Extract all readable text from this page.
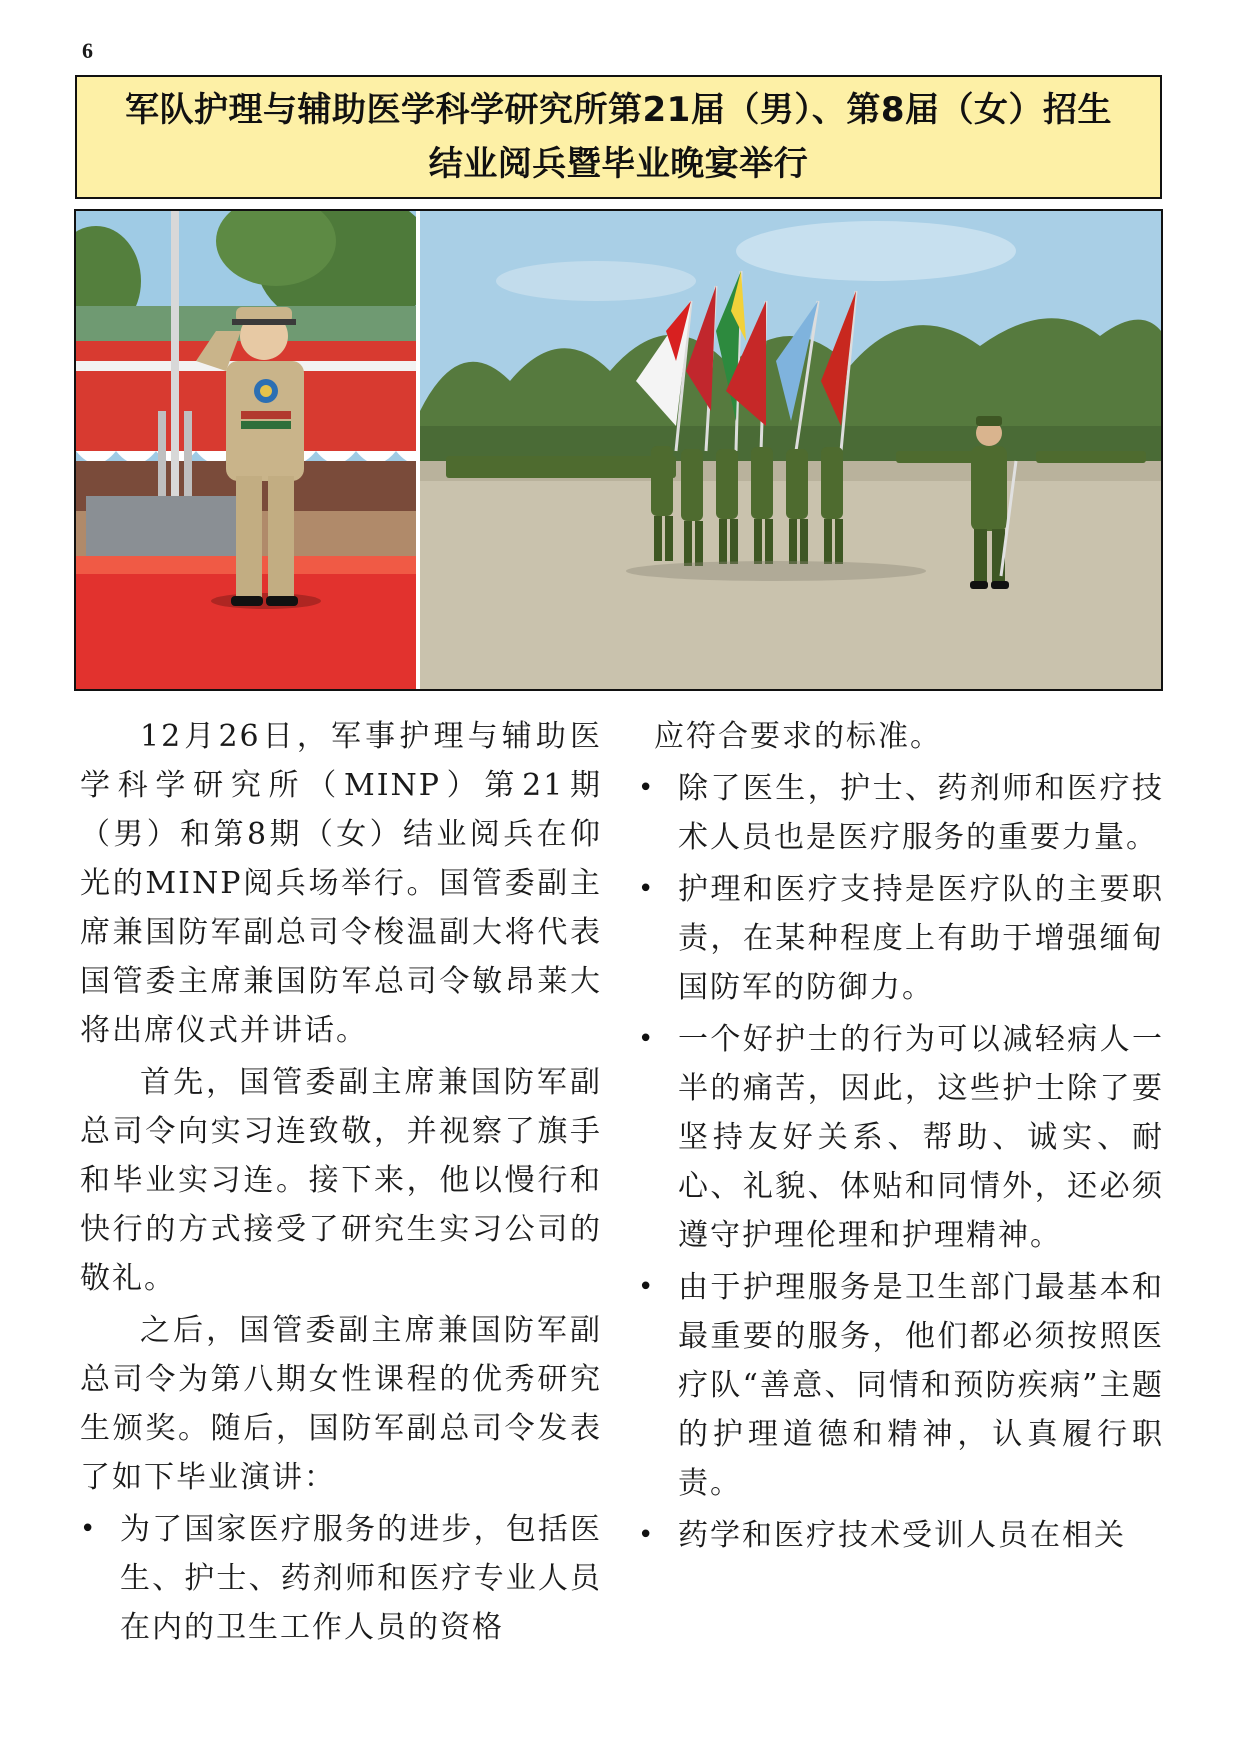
6
军队护理与辅助医学科学研究所第21届（男）、第8届（女）招生
结业阅兵暨毕业晚宴举行

12月26日，军事护理与辅助医学科学研究所（MINP）第21期（男）和第8期（女）结业阅兵在仰光的MINP阅兵场举行。国管委副主席兼国防军副总司令梭温副大将代表国管委主席兼国防军总司令敏昂莱大将出席仪式并讲话。

首先，国管委副主席兼国防军副总司令向实习连致敬，并视察了旗手和毕业实习连。接下来，他以慢行和快行的方式接受了研究生实习公司的敬礼。

之后，国管委副主席兼国防军副总司令为第八期女性课程的优秀研究生颁奖。随后，国防军副总司令发表了如下毕业演讲：

• 为了国家医疗服务的进步，包括医生、护士、药剂师和医疗专业人员在内的卫生工作人员的资格

应符合要求的标准。

• 除了医生，护士、药剂师和医疗技术人员也是医疗服务的重要力量。
• 护理和医疗支持是医疗队的主要职责，在某种程度上有助于增强缅甸国防军的防御力。
• 一个好护士的行为可以减轻病人一半的痛苦，因此，这些护士除了要坚持友好关系、帮助、诚实、耐心、礼貌、体贴和同情外，还必须遵守护理伦理和护理精神。
• 由于护理服务是卫生部门最基本和最重要的服务，他们都必须按照医疗队“善意、同情和预防疾病”主题的护理道德和精神，认真履行职责。
• 药学和医疗技术受训人员在相关
